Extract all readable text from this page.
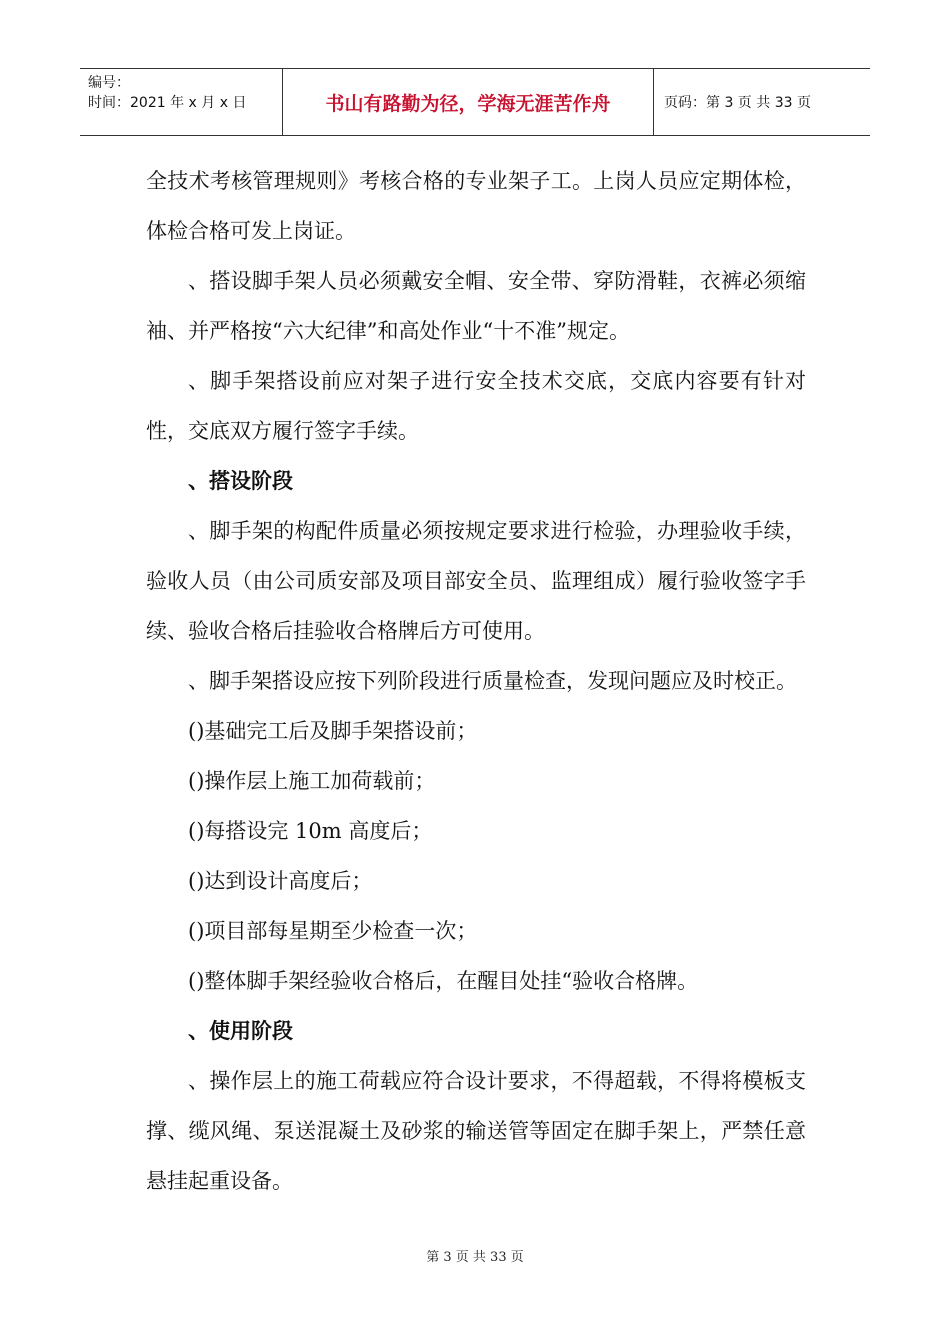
编号：
时间：2021 年 x 月 x 日	书山有路勤为径，学海无涯苦作舟	页码：第 3 页 共 33 页

全技术考核管理规则》考核合格的专业架子工。上岗人员应定期体检，体检合格可发上岗证。

、搭设脚手架人员必须戴安全帽、安全带、穿防滑鞋，衣裤必须缩袖、并严格按“六大纪律”和高处作业“十不准”规定。

、脚手架搭设前应对架子进行安全技术交底，交底内容要有针对性，交底双方履行签字手续。

、搭设阶段

、脚手架的构配件质量必须按规定要求进行检验，办理验收手续，验收人员（由公司质安部及项目部安全员、监理组成）履行验收签字手续、验收合格后挂验收合格牌后方可使用。

、脚手架搭设应按下列阶段进行质量检查，发现问题应及时校正。

()基础完工后及脚手架搭设前；

()操作层上施工加荷载前；

()每搭设完 10m 高度后；

()达到设计高度后；

()项目部每星期至少检查一次；

()整体脚手架经验收合格后，在醒目处挂“验收合格牌。

、使用阶段

、操作层上的施工荷载应符合设计要求，不得超载，不得将模板支撑、缆风绳、泵送混凝土及砂浆的输送管等固定在脚手架上，严禁任意悬挂起重设备。

第 3 页 共 33 页
